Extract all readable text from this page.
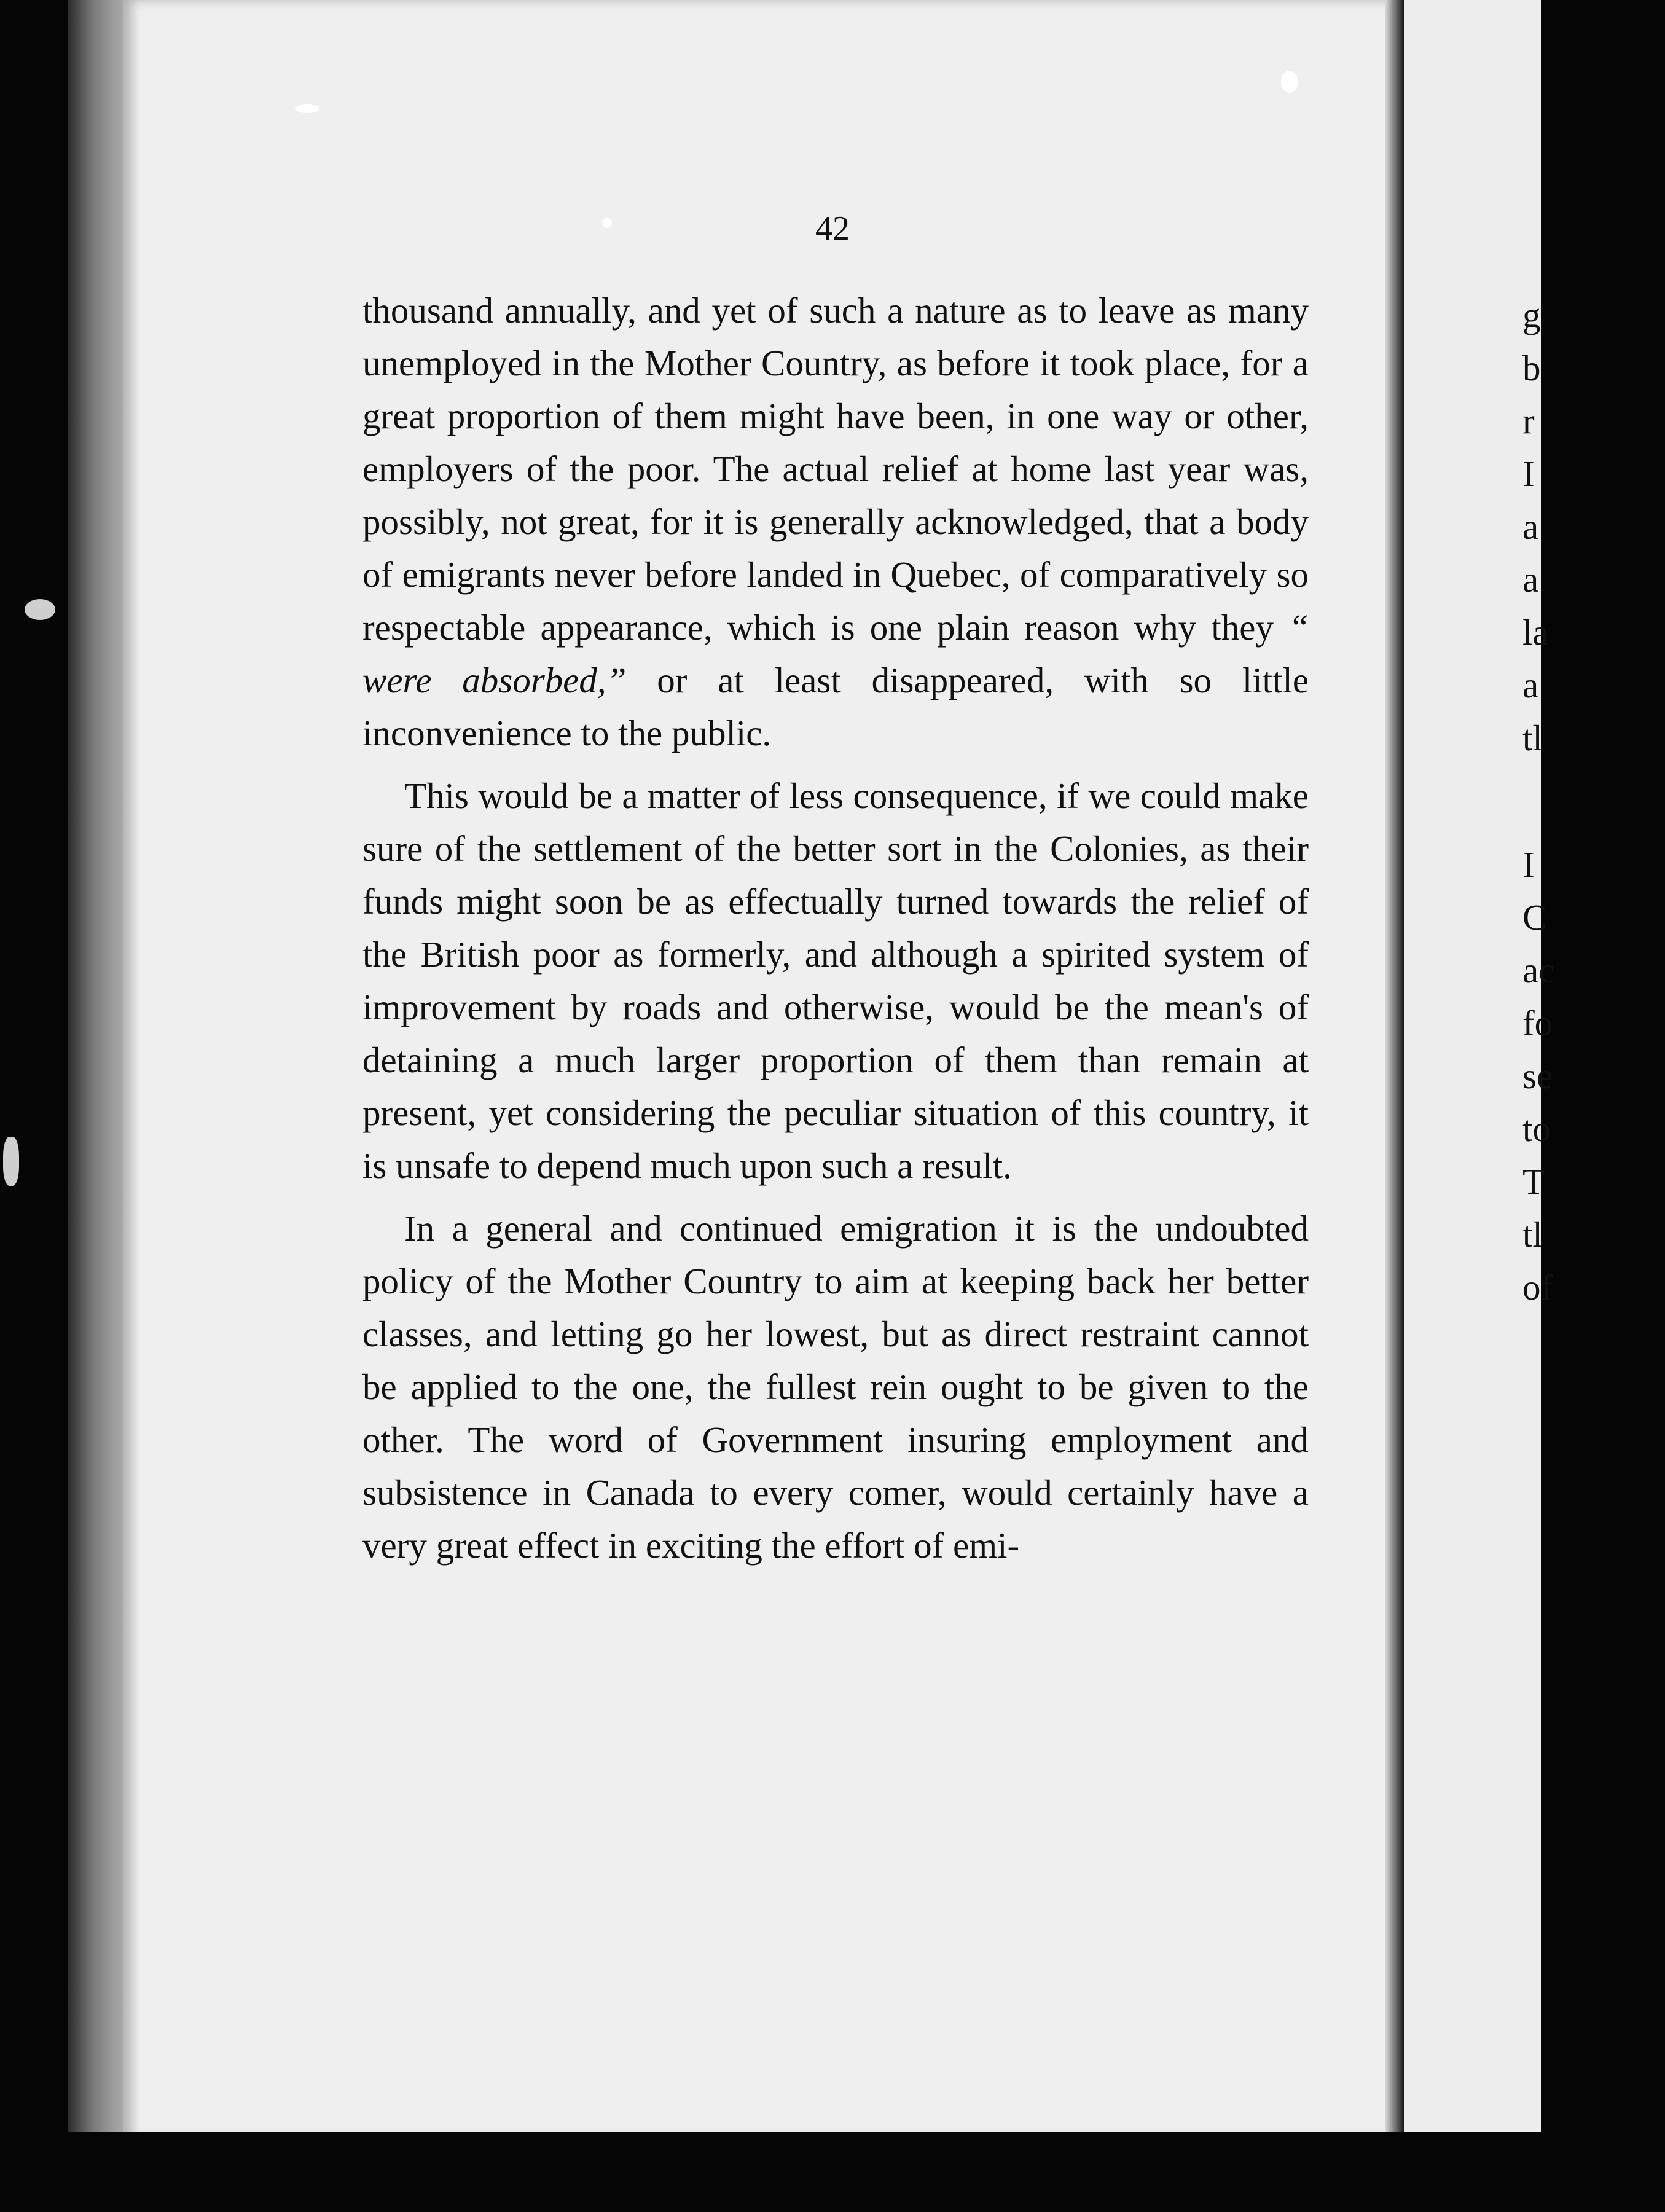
42

thousand annually, and yet of such a nature as to leave as many unemployed in the Mother Country, as before it took place, for a great proportion of them might have been, in one way or other, employers of the poor. The actual relief at home last year was, possibly, not great, for it is generally acknowledged, that a body of emigrants never before landed in Quebec, of comparatively so respectable appearance, which is one plain reason why they “ were absorbed,” or at least disappeared, with so little inconvenience to the public.

This would be a matter of less consequence, if we could make sure of the settlement of the better sort in the Colonies, as their funds might soon be as effectually turned towards the relief of the British poor as formerly, and although a spirited system of improvement by roads and otherwise, would be the mean's of detaining a much larger proportion of them than remain at present, yet considering the peculiar situation of this country, it is unsafe to depend much upon such a result.

In a general and continued emigration it is the undoubted policy of the Mother Country to aim at keeping back her better classes, and letting go her lowest, but as direct restraint cannot be applied to the one, the fullest rein ought to be given to the other. The word of Government insuring employment and subsistence in Canada to every comer, would certainly have a very great effect in exciting the effort of emi-

g
b
r
I
a
a
la
a
tl
I
C
ac
fo
se
to
T
tl
of
